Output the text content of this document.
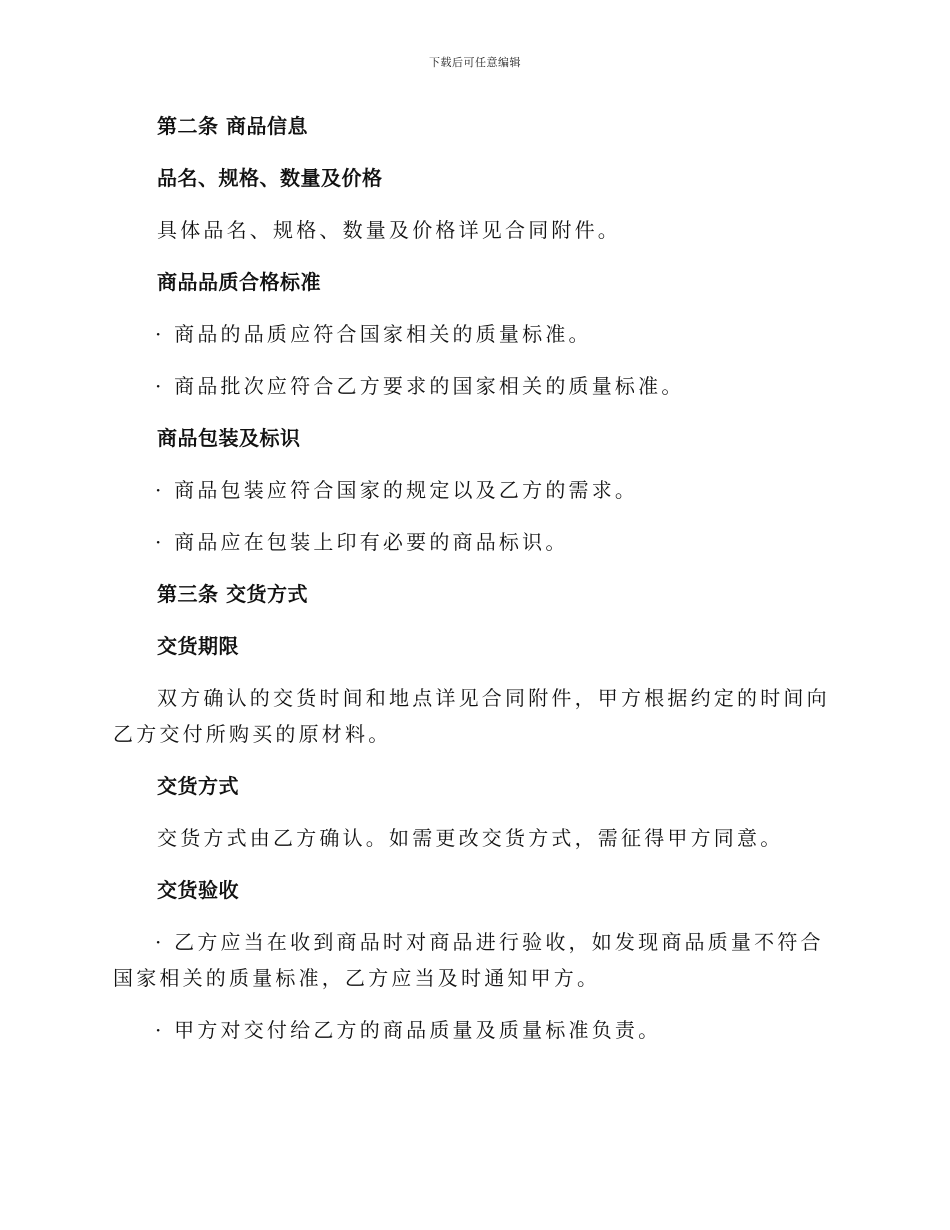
下载后可任意编辑
第二条 商品信息
品名、规格、数量及价格
具体品名、规格、数量及价格详见合同附件。
商品品质合格标准
· 商品的品质应符合国家相关的质量标准。
· 商品批次应符合乙方要求的国家相关的质量标准。
商品包装及标识
· 商品包装应符合国家的规定以及乙方的需求。
· 商品应在包装上印有必要的商品标识。
第三条 交货方式
交货期限
双方确认的交货时间和地点详见合同附件，甲方根据约定的时间向乙方交付所购买的原材料。
交货方式
交货方式由乙方确认。如需更改交货方式，需征得甲方同意。
交货验收
· 乙方应当在收到商品时对商品进行验收，如发现商品质量不符合国家相关的质量标准，乙方应当及时通知甲方。
· 甲方对交付给乙方的商品质量及质量标准负责。
